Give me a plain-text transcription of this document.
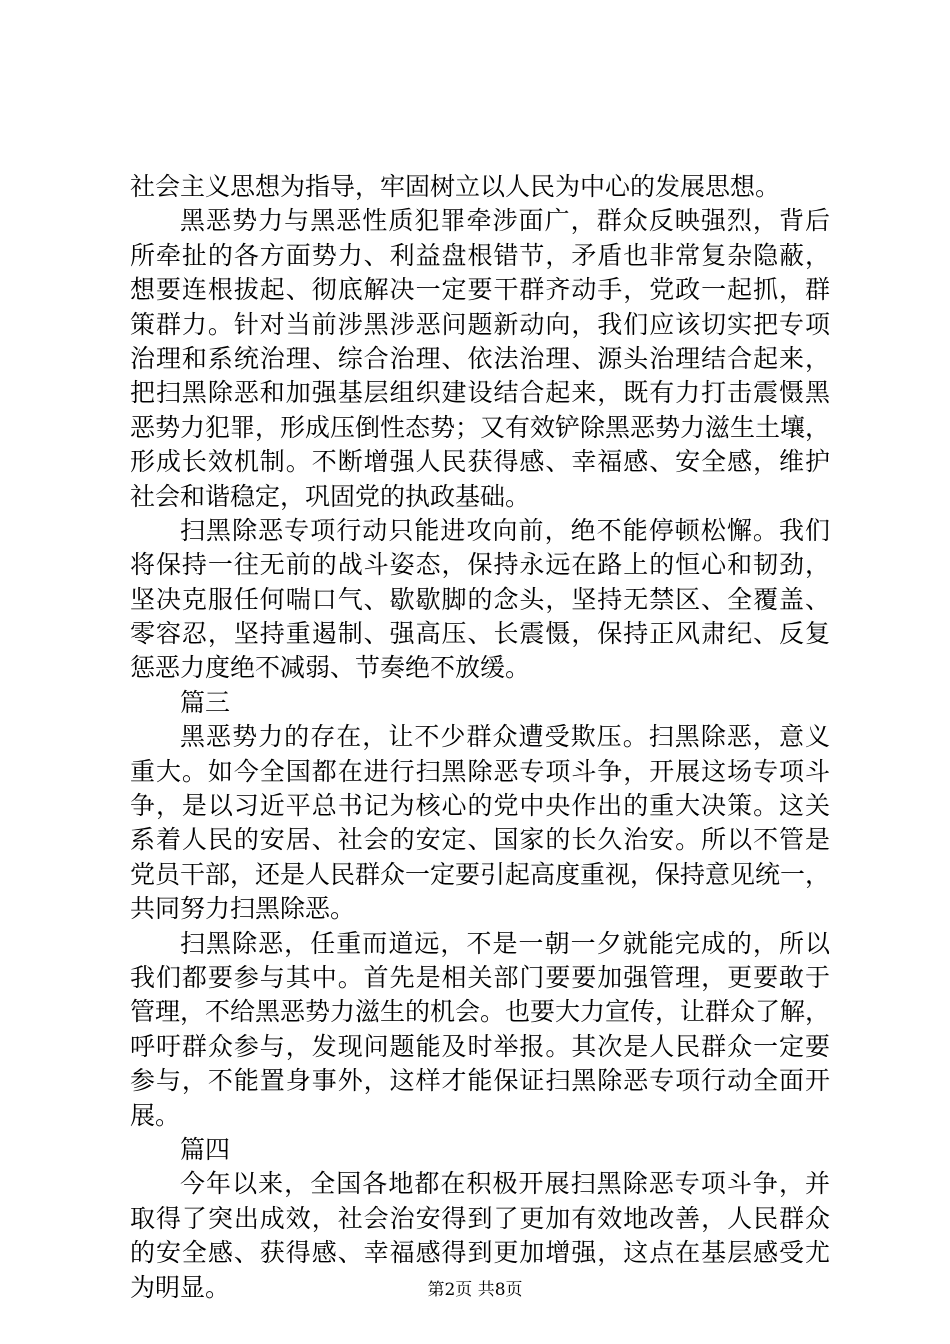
社会主义思想为指导，牢固树立以人民为中心的发展思想。
黑恶势力与黑恶性质犯罪牵涉面广，群众反映强烈，背后
所牵扯的各方面势力、利益盘根错节，矛盾也非常复杂隐蔽，
想要连根拔起、彻底解决一定要干群齐动手，党政一起抓，群
策群力。针对当前涉黑涉恶问题新动向，我们应该切实把专项
治理和系统治理、综合治理、依法治理、源头治理结合起来，
把扫黑除恶和加强基层组织建设结合起来，既有力打击震慑黑
恶势力犯罪，形成压倒性态势；又有效铲除黑恶势力滋生土壤，
形成长效机制。不断增强人民获得感、幸福感、安全感，维护
社会和谐稳定，巩固党的执政基础。
扫黑除恶专项行动只能进攻向前，绝不能停顿松懈。我们
将保持一往无前的战斗姿态，保持永远在路上的恒心和韧劲，
坚决克服任何喘口气、歇歇脚的念头，坚持无禁区、全覆盖、
零容忍，坚持重遏制、强高压、长震慑，保持正风肃纪、反复
惩恶力度绝不减弱、节奏绝不放缓。
篇三
黑恶势力的存在，让不少群众遭受欺压。扫黑除恶，意义
重大。如今全国都在进行扫黑除恶专项斗争，开展这场专项斗
争，是以习近平总书记为核心的党中央作出的重大决策。这关
系着人民的安居、社会的安定、国家的长久治安。所以不管是
党员干部，还是人民群众一定要引起高度重视，保持意见统一，
共同努力扫黑除恶。
扫黑除恶，任重而道远，不是一朝一夕就能完成的，所以
我们都要参与其中。首先是相关部门要要加强管理，更要敢于
管理，不给黑恶势力滋生的机会。也要大力宣传，让群众了解，
呼吁群众参与，发现问题能及时举报。其次是人民群众一定要
参与，不能置身事外，这样才能保证扫黑除恶专项行动全面开
展。
篇四
今年以来，全国各地都在积极开展扫黑除恶专项斗争，并
取得了突出成效，社会治安得到了更加有效地改善，人民群众
的安全感、获得感、幸福感得到更加增强，这点在基层感受尤
为明显。	第2页 共8页
